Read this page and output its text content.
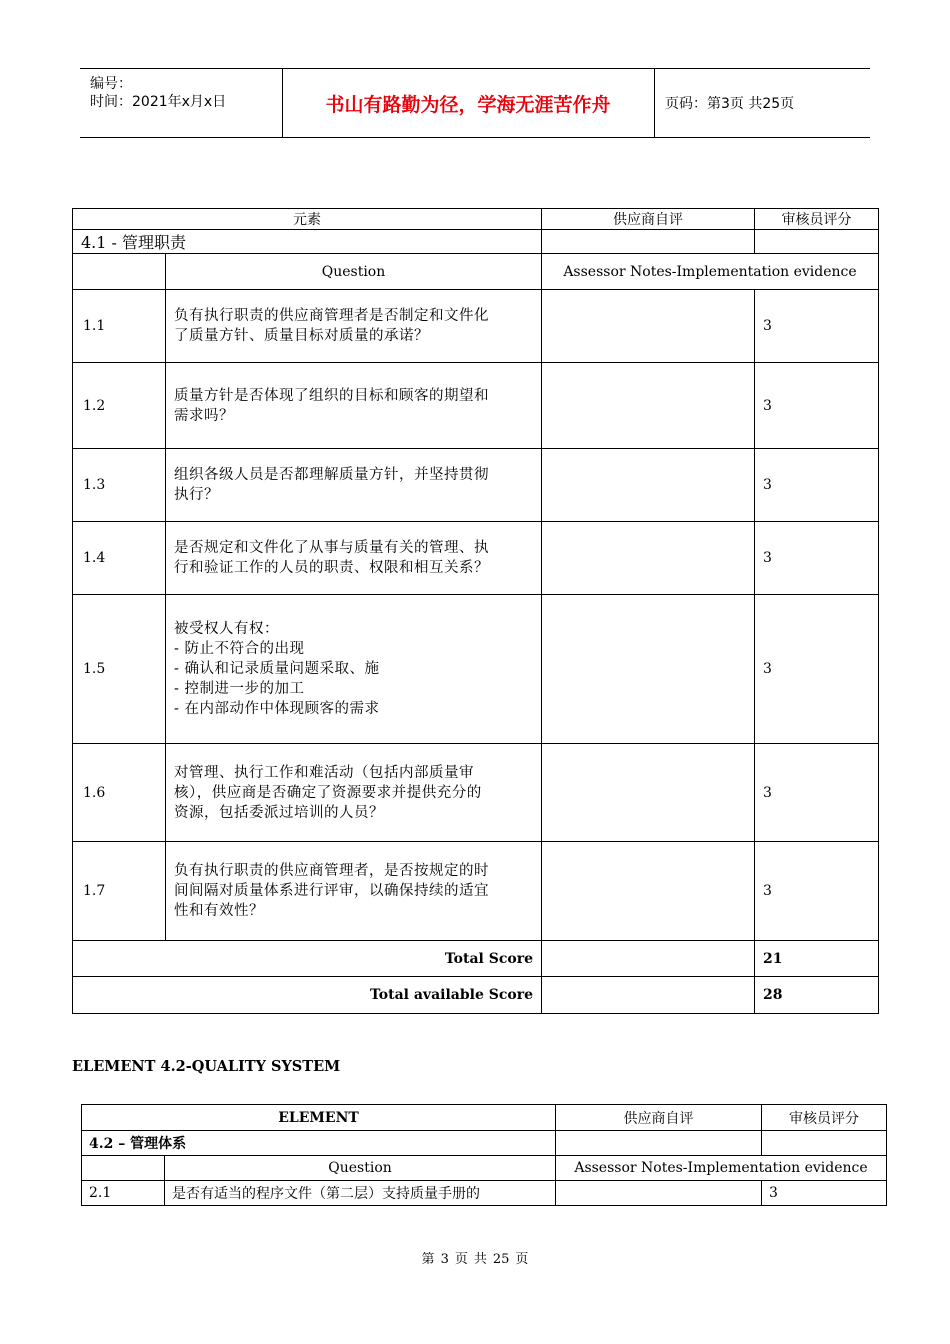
编号：
时间：2021年x月x日	书山有路勤为径，学海无涯苦作舟	页码：第3页 共25页
元素		供应商自评	审核员评分
4.1 - 管理职责			
	Question	Assessor Notes-Implementation evidence	
1.1	负有执行职责的供应商管理者是否制定和文件化
了质量方针、质量目标对质量的承诺？		3
1.2	质量方针是否体现了组织的目标和顾客的期望和
需求吗？		3
1.3	组织各级人员是否都理解质量方针，并坚持贯彻
执行？		3
1.4	是否规定和文件化了从事与质量有关的管理、执
行和验证工作的人员的职责、权限和相互关系？		3
1.5	被受权人有权：
- 防止不符合的出现
- 确认和记录质量问题采取、施
- 控制进一步的加工
- 在内部动作中体现顾客的需求		3
1.6	对管理、执行工作和难活动（包括内部质量审
核），供应商是否确定了资源要求并提供充分的
资源，包括委派过培训的人员？		3
1.7	负有执行职责的供应商管理者，是否按规定的时
间间隔对质量体系进行评审，以确保持续的适宜
性和有效性？		3
Total Score			21
Total available Score			28
ELEMENT 4.2-QUALITY SYSTEM
ELEMENT		供应商自评	审核员评分
4.2 – 管理体系			
	Question	Assessor Notes-Implementation evidence	
2.1	是否有适当的程序文件（第二层）支持质量手册的		3
第 3 页 共 25 页
